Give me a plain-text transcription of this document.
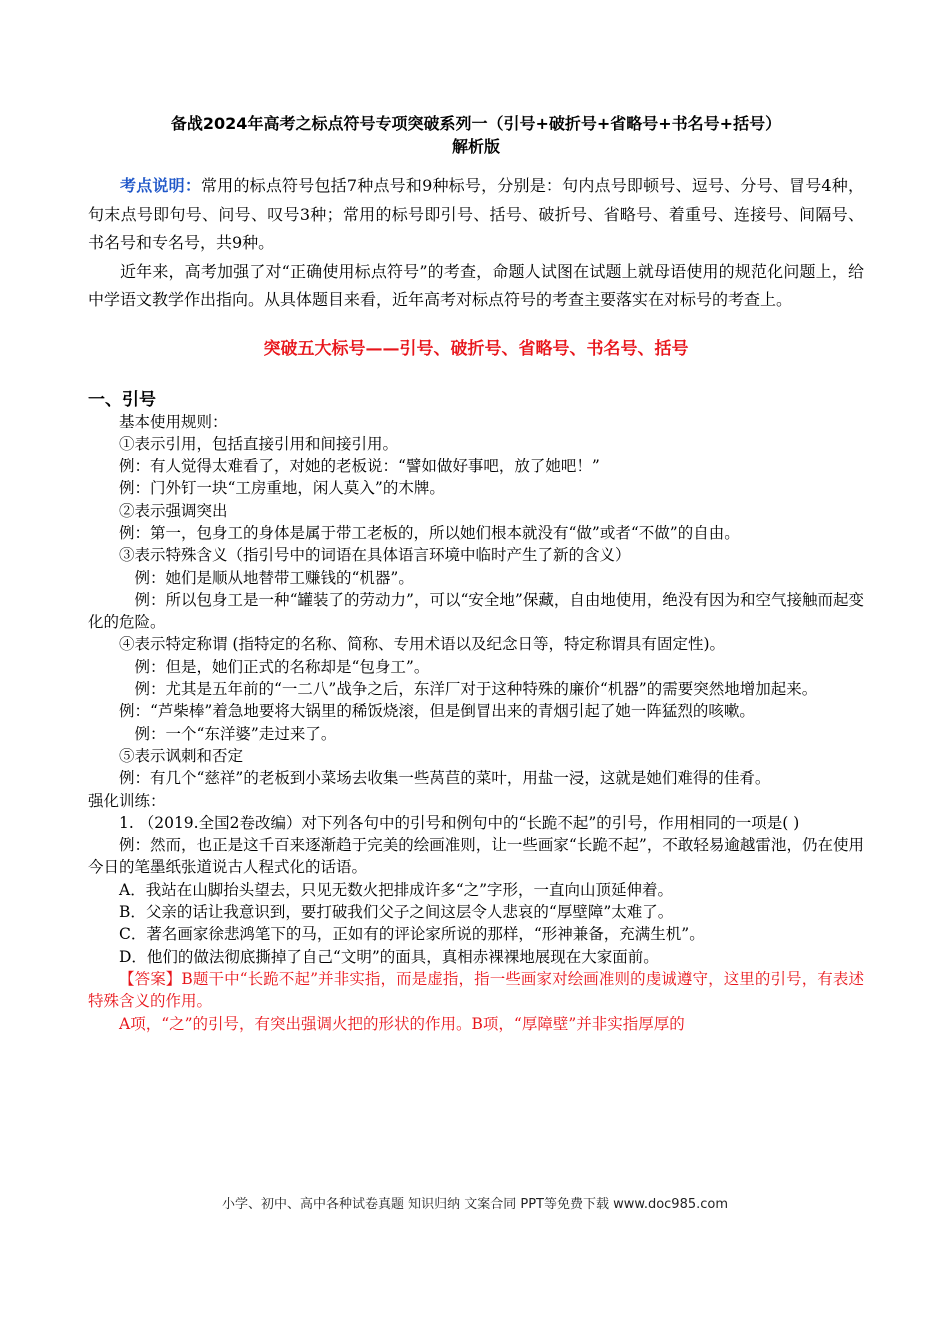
备战2024年高考之标点符号专项突破系列一（引号+破折号+省略号+书名号+括号）
解析版

考点说明：常用的标点符号包括7种点号和9种标号，分别是：句内点号即顿号、逗号、分号、冒号4种，句末点号即句号、问号、叹号3种；常用的标号即引号、括号、破折号、省略号、着重号、连接号、间隔号、书名号和专名号，共9种。

近年来，高考加强了对“正确使用标点符号”的考查，命题人试图在试题上就母语使用的规范化问题上，给中学语文教学作出指向。从具体题目来看，近年高考对标点符号的考查主要落实在对标号的考查上。

突破五大标号——引号、破折号、省略号、书名号、括号

一、引号

基本使用规则：

①表示引用，包括直接引用和间接引用。

例：有人觉得太难看了，对她的老板说：“譬如做好事吧，放了她吧！”

例：门外钉一块“工房重地，闲人莫入”的木牌。

②表示强调突出

例：第一，包身工的身体是属于带工老板的，所以她们根本就没有“做”或者“不做”的自由。

③表示特殊含义（指引号中的词语在具体语言环境中临时产生了新的含义）

例：她们是顺从地替带工赚钱的“机器”。

例：所以包身工是一种“罐装了的劳动力”，可以“安全地”保藏，自由地使用，绝没有因为和空气接触而起变化的危险。

④表示特定称谓 (指特定的名称、简称、专用术语以及纪念日等，特定称谓具有固定性)。

例：但是，她们正式的名称却是“包身工”。

例：尤其是五年前的“一二八”战争之后，东洋厂对于这种特殊的廉价“机器”的需要突然地增加起来。

例：“芦柴棒”着急地要将大锅里的稀饭烧滚，但是倒冒出来的青烟引起了她一阵猛烈的咳嗽。

例：一个“东洋婆”走过来了。

⑤表示讽刺和否定

例：有几个“慈祥”的老板到小菜场去收集一些莴苣的菜叶，用盐一浸，这就是她们难得的佳肴。

强化训练：

1. （2019.全国2卷改编）对下列各句中的引号和例句中的“长跪不起”的引号，作用相同的一项是( )

例：然而，也正是这千百来逐渐趋于完美的绘画准则，让一些画家“长跪不起”，不敢轻易逾越雷池，仍在使用今日的笔墨纸张道说古人程式化的话语。

A．我站在山脚抬头望去，只见无数火把排成许多“之”字形，一直向山顶延伸着。

B．父亲的话让我意识到，要打破我们父子之间这层令人悲哀的“厚壁障”太难了。

C．著名画家徐悲鸿笔下的马，正如有的评论家所说的那样，“形神兼备，充满生机”。

D．他们的做法彻底撕掉了自己“文明”的面具，真相赤裸裸地展现在大家面前。

【答案】B题干中“长跪不起”并非实指，而是虚指，指一些画家对绘画准则的虔诚遵守，这里的引号，有表述特殊含义的作用。

A项，“之”的引号，有突出强调火把的形状的作用。B项，“厚障壁”并非实指厚厚的

小学、初中、高中各种试卷真题 知识归纳 文案合同 PPT等免费下载 www.doc985.com
